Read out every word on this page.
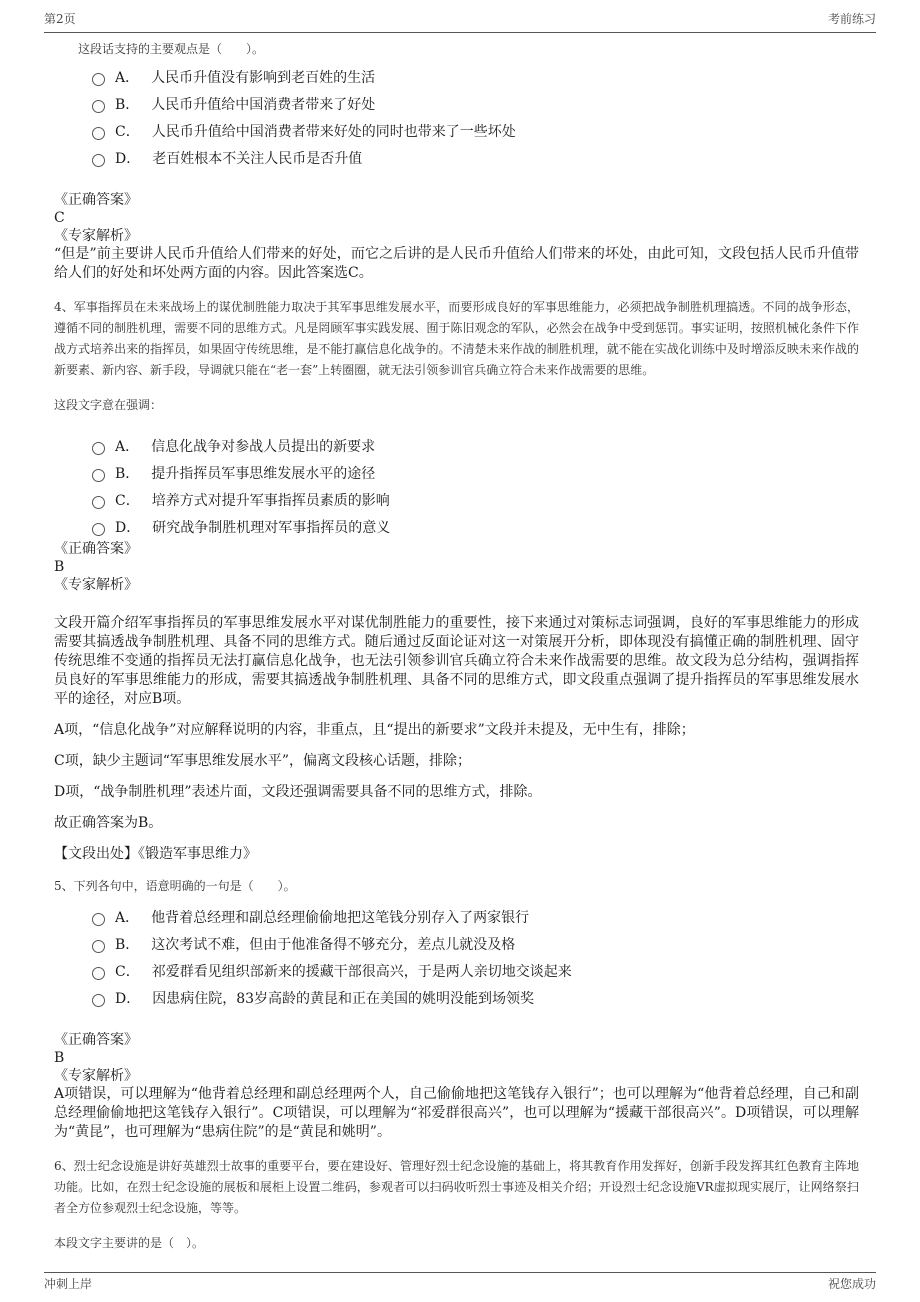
第2页	考前练习
这段话支持的主要观点是（　　）。
A． 人民币升值没有影响到老百姓的生活
B． 人民币升值给中国消费者带来了好处
C． 人民币升值给中国消费者带来好处的同时也带来了一些坏处
D． 老百姓根本不关注人民币是否升值
《正确答案》
C
《专家解析》

“但是”前主要讲人民币升值给人们带来的好处，而它之后讲的是人民币升值给人们带来的坏处，由此可知，文段包括人民币升值带给人们的好处和坏处两方面的内容。因此答案选C。

4、军事指挥员在未来战场上的谋优制胜能力取决于其军事思维发展水平，而要形成良好的军事思维能力，必须把战争制胜机理搞透。不同的战争形态，遵循不同的制胜机理，需要不同的思维方式。凡是罔顾军事实践发展、囿于陈旧观念的军队，必然会在战争中受到惩罚。事实证明，按照机械化条件下作战方式培养出来的指挥员，如果固守传统思维，是不能打赢信息化战争的。不清楚未来作战的制胜机理，就不能在实战化训练中及时增添反映未来作战的新要素、新内容、新手段，导调就只能在“老一套”上转圈圈，就无法引领参训官兵确立符合未来作战需要的思维。

这段文字意在强调：
A． 信息化战争对参战人员提出的新要求
B． 提升指挥员军事思维发展水平的途径
C． 培养方式对提升军事指挥员素质的影响
D． 研究战争制胜机理对军事指挥员的意义
《正确答案》
B
《专家解析》

文段开篇介绍军事指挥员的军事思维发展水平对谋优制胜能力的重要性，接下来通过对策标志词强调，良好的军事思维能力的形成需要其搞透战争制胜机理、具备不同的思维方式。随后通过反面论证对这一对策展开分析，即体现没有搞懂正确的制胜机理、固守传统思维不变通的指挥员无法打赢信息化战争，也无法引领参训官兵确立符合未来作战需要的思维。故文段为总分结构，强调指挥员良好的军事思维能力的形成，需要其搞透战争制胜机理、具备不同的思维方式，即文段重点强调了提升指挥员的军事思维发展水平的途径，对应B项。

A项，“信息化战争”对应解释说明的内容，非重点，且“提出的新要求”文段并未提及，无中生有，排除；

C项，缺少主题词“军事思维发展水平”，偏离文段核心话题，排除；

D项，“战争制胜机理”表述片面，文段还强调需要具备不同的思维方式，排除。

故正确答案为B。

【文段出处】《锻造军事思维力》

5、下列各句中，语意明确的一句是（　　）。
A． 他背着总经理和副总经理偷偷地把这笔钱分别存入了两家银行
B． 这次考试不难，但由于他准备得不够充分，差点儿就没及格
C． 祁爱群看见组织部新来的援藏干部很高兴，于是两人亲切地交谈起来
D． 因患病住院，83岁高龄的黄昆和正在美国的姚明没能到场领奖
《正确答案》
B
《专家解析》

A项错误，可以理解为“他背着总经理和副总经理两个人，自己偷偷地把这笔钱存入银行”；也可以理解为“他背着总经理，自己和副总经理偷偷地把这笔钱存入银行”。C项错误，可以理解为“祁爱群很高兴”，也可以理解为“援藏干部很高兴”。D项错误，可以理解为“黄昆”，也可理解为“患病住院”的是“黄昆和姚明”。

6、烈士纪念设施是讲好英雄烈士故事的重要平台，要在建设好、管理好烈士纪念设施的基础上，将其教育作用发挥好，创新手段发挥其红色教育主阵地功能。比如，在烈士纪念设施的展板和展柜上设置二维码，参观者可以扫码收听烈士事迹及相关介绍；开设烈士纪念设施VR虚拟现实展厅，让网络祭扫者全方位参观烈士纪念设施，等等。

本段文字主要讲的是（　）。
冲刺上岸	祝您成功
